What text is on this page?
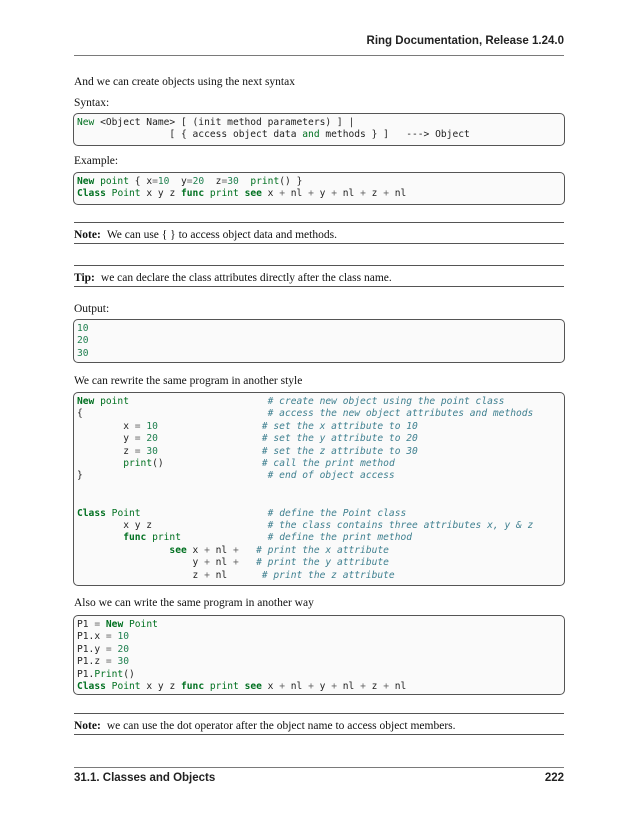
Ring Documentation, Release 1.24.0
And we can create objects using the next syntax
Syntax:
New <Object Name> [ (init method parameters) ] |
[ { access object data and methods } ]   ---> Object
Example:
New point { x=10  y=20  z=30 print() }
Class Point x y z func print see x + nl + y + nl + z + nl
Note: We can use { } to access object data and methods.
Tip: we can declare the class attributes directly after the class name.
Output:
10
20
30
We can rewrite the same program in another style
New point	# create new object using the point class
{	# access the new object attributes and methods
x = 10	# set the x attribute to 10
y = 20	# set the y attribute to 20
z = 30	# set the z attribute to 30
print()	# call the print method
}	# end of object access

Class Point	# define the Point class
x y z	# the class contains three attributes x, y & z
func print	# define the print method
see x + nl + # print the x attribute
y + nl + # print the y attribute
z + nl	# print the z attribute
Also we can write the same program in another way
P1 = New Point
P1.x = 10
P1.y = 20
P1.z = 30
P1.Print()
Class Point x y z func print see x + nl + y + nl + z + nl
Note: we can use the dot operator after the object name to access object members.
31.1. Classes and Objects	222
